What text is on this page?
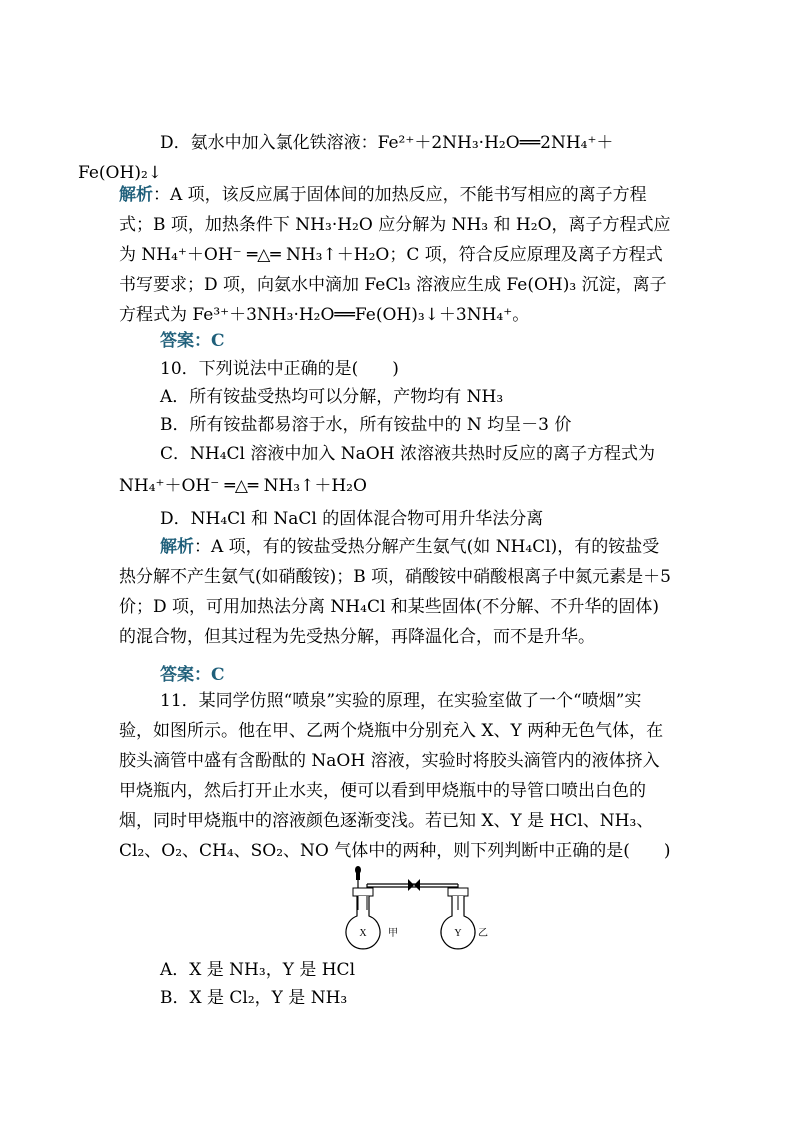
D．氨水中加入氯化铁溶液：Fe²⁺＋2NH₃·H₂O══2NH₄⁺＋
Fe(OH)₂↓

解析：A 项，该反应属于固体间的加热反应，不能书写相应的离子方程式；B 项，加热条件下 NH₃·H₂O 应分解为 NH₃ 和 H₂O，离子方程式应为 NH₄⁺＋OH⁻ ═△═ NH₃↑＋H₂O；C 项，符合反应原理及离子方程式书写要求；D 项，向氨水中滴加 FeCl₃ 溶液应生成 Fe(OH)₃ 沉淀，离子方程式为 Fe³⁺＋3NH₃·H₂O══Fe(OH)₃↓＋3NH₄⁺。
答案：C
10．下列说法中正确的是(　　)
A．所有铵盐受热均可以分解，产物均有 NH₃
B．所有铵盐都易溶于水，所有铵盐中的 N 均呈－3 价
C．NH₄Cl 溶液中加入 NaOH 浓溶液共热时反应的离子方程式为 NH₄⁺＋OH⁻ ═△═ NH₃↑＋H₂O
D．NH₄Cl 和 NaCl 的固体混合物可用升华法分离
解析：A 项，有的铵盐受热分解产生氨气(如 NH₄Cl)，有的铵盐受热分解不产生氨气(如硝酸铵)；B 项，硝酸铵中硝酸根离子中氮元素是＋5 价；D 项，可用加热法分离 NH₄Cl 和某些固体(不分解、不升华的固体)的混合物，但其过程为先受热分解，再降温化合，而不是升华。
答案：C
11．某同学仿照“喷泉”实验的原理，在实验室做了一个“喷烟”实验，如图所示。他在甲、乙两个烧瓶中分别充入 X、Y 两种无色气体，在胶头滴管中盛有含酚酞的 NaOH 溶液，实验时将胶头滴管内的液体挤入甲烧瓶内，然后打开止水夹，便可以看到甲烧瓶中的导管口喷出白色的烟，同时甲烧瓶中的溶液颜色逐渐变浅。若已知 X、Y 是 HCl、NH₃、Cl₂、O₂、CH₄、SO₂、NO 气体中的两种，则下列判断中正确的是(　　)
X 甲	Y 乙
A．X 是 NH₃，Y 是 HCl
B．X 是 Cl₂，Y 是 NH₃
